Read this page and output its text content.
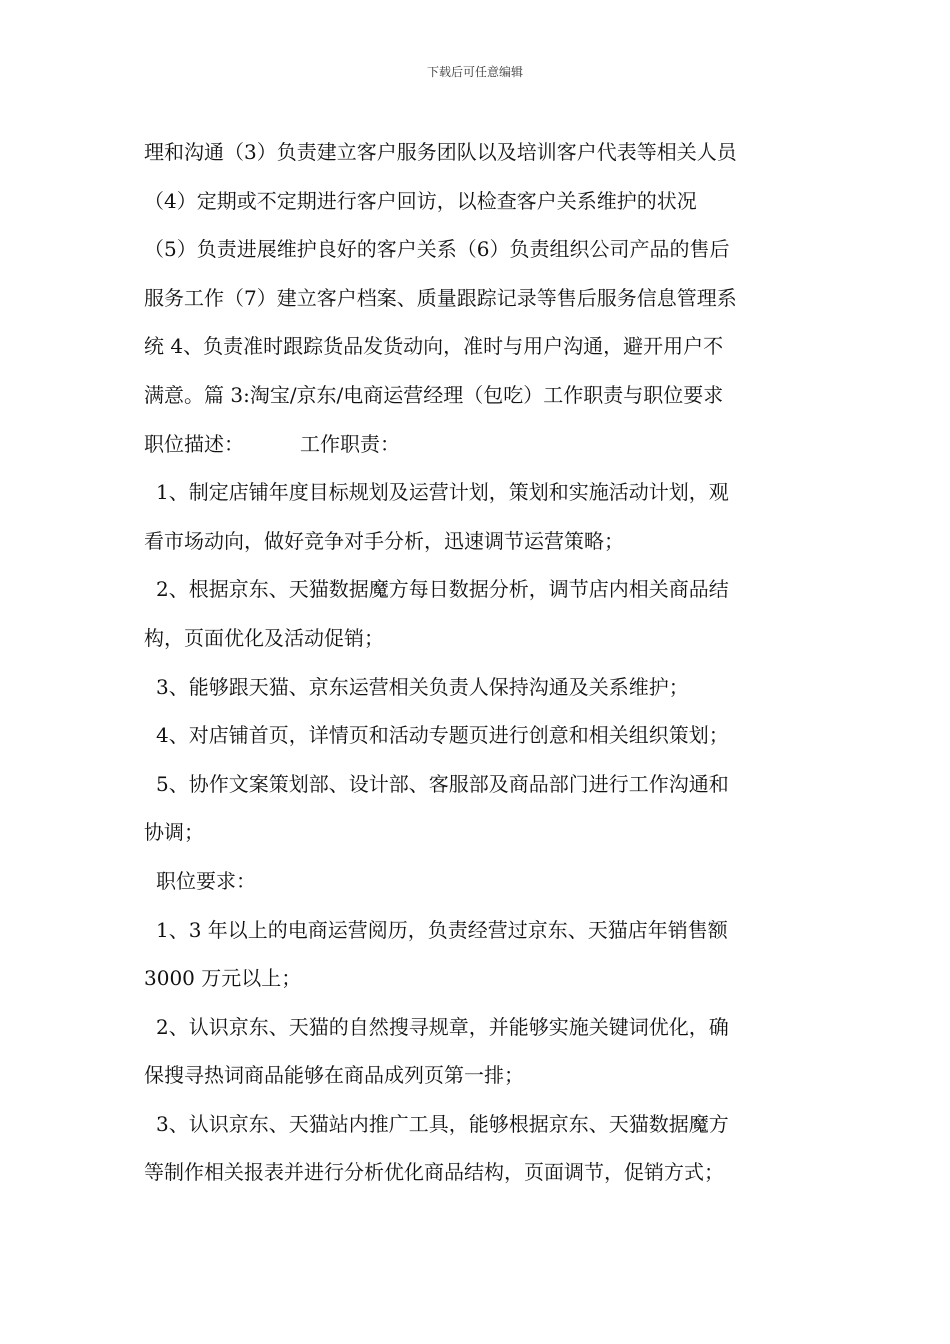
下载后可任意编辑
理和沟通（3）负责建立客户服务团队以及培训客户代表等相关人员
（4）定期或不定期进行客户回访，以检查客户关系维护的状况
（5）负责进展维护良好的客户关系（6）负责组织公司产品的售后
服务工作（7）建立客户档案、质量跟踪记录等售后服务信息管理系
统 4、负责准时跟踪货品发货动向，准时与用户沟通，避开用户不
满意。篇 3:淘宝/京东/电商运营经理（包吃）工作职责与职位要求
职位描述：	工作职责：
1、制定店铺年度目标规划及运营计划，策划和实施活动计划，观
看市场动向，做好竞争对手分析，迅速调节运营策略；
2、根据京东、天猫数据魔方每日数据分析，调节店内相关商品结
构，页面优化及活动促销；
3、能够跟天猫、京东运营相关负责人保持沟通及关系维护；
4、对店铺首页，详情页和活动专题页进行创意和相关组织策划；
5、协作文案策划部、设计部、客服部及商品部门进行工作沟通和
协调；
职位要求：
1、3 年以上的电商运营阅历，负责经营过京东、天猫店年销售额
3000 万元以上；
2、认识京东、天猫的自然搜寻规章，并能够实施关键词优化，确
保搜寻热词商品能够在商品成列页第一排；
3、认识京东、天猫站内推广工具，能够根据京东、天猫数据魔方
等制作相关报表并进行分析优化商品结构，页面调节，促销方式；
